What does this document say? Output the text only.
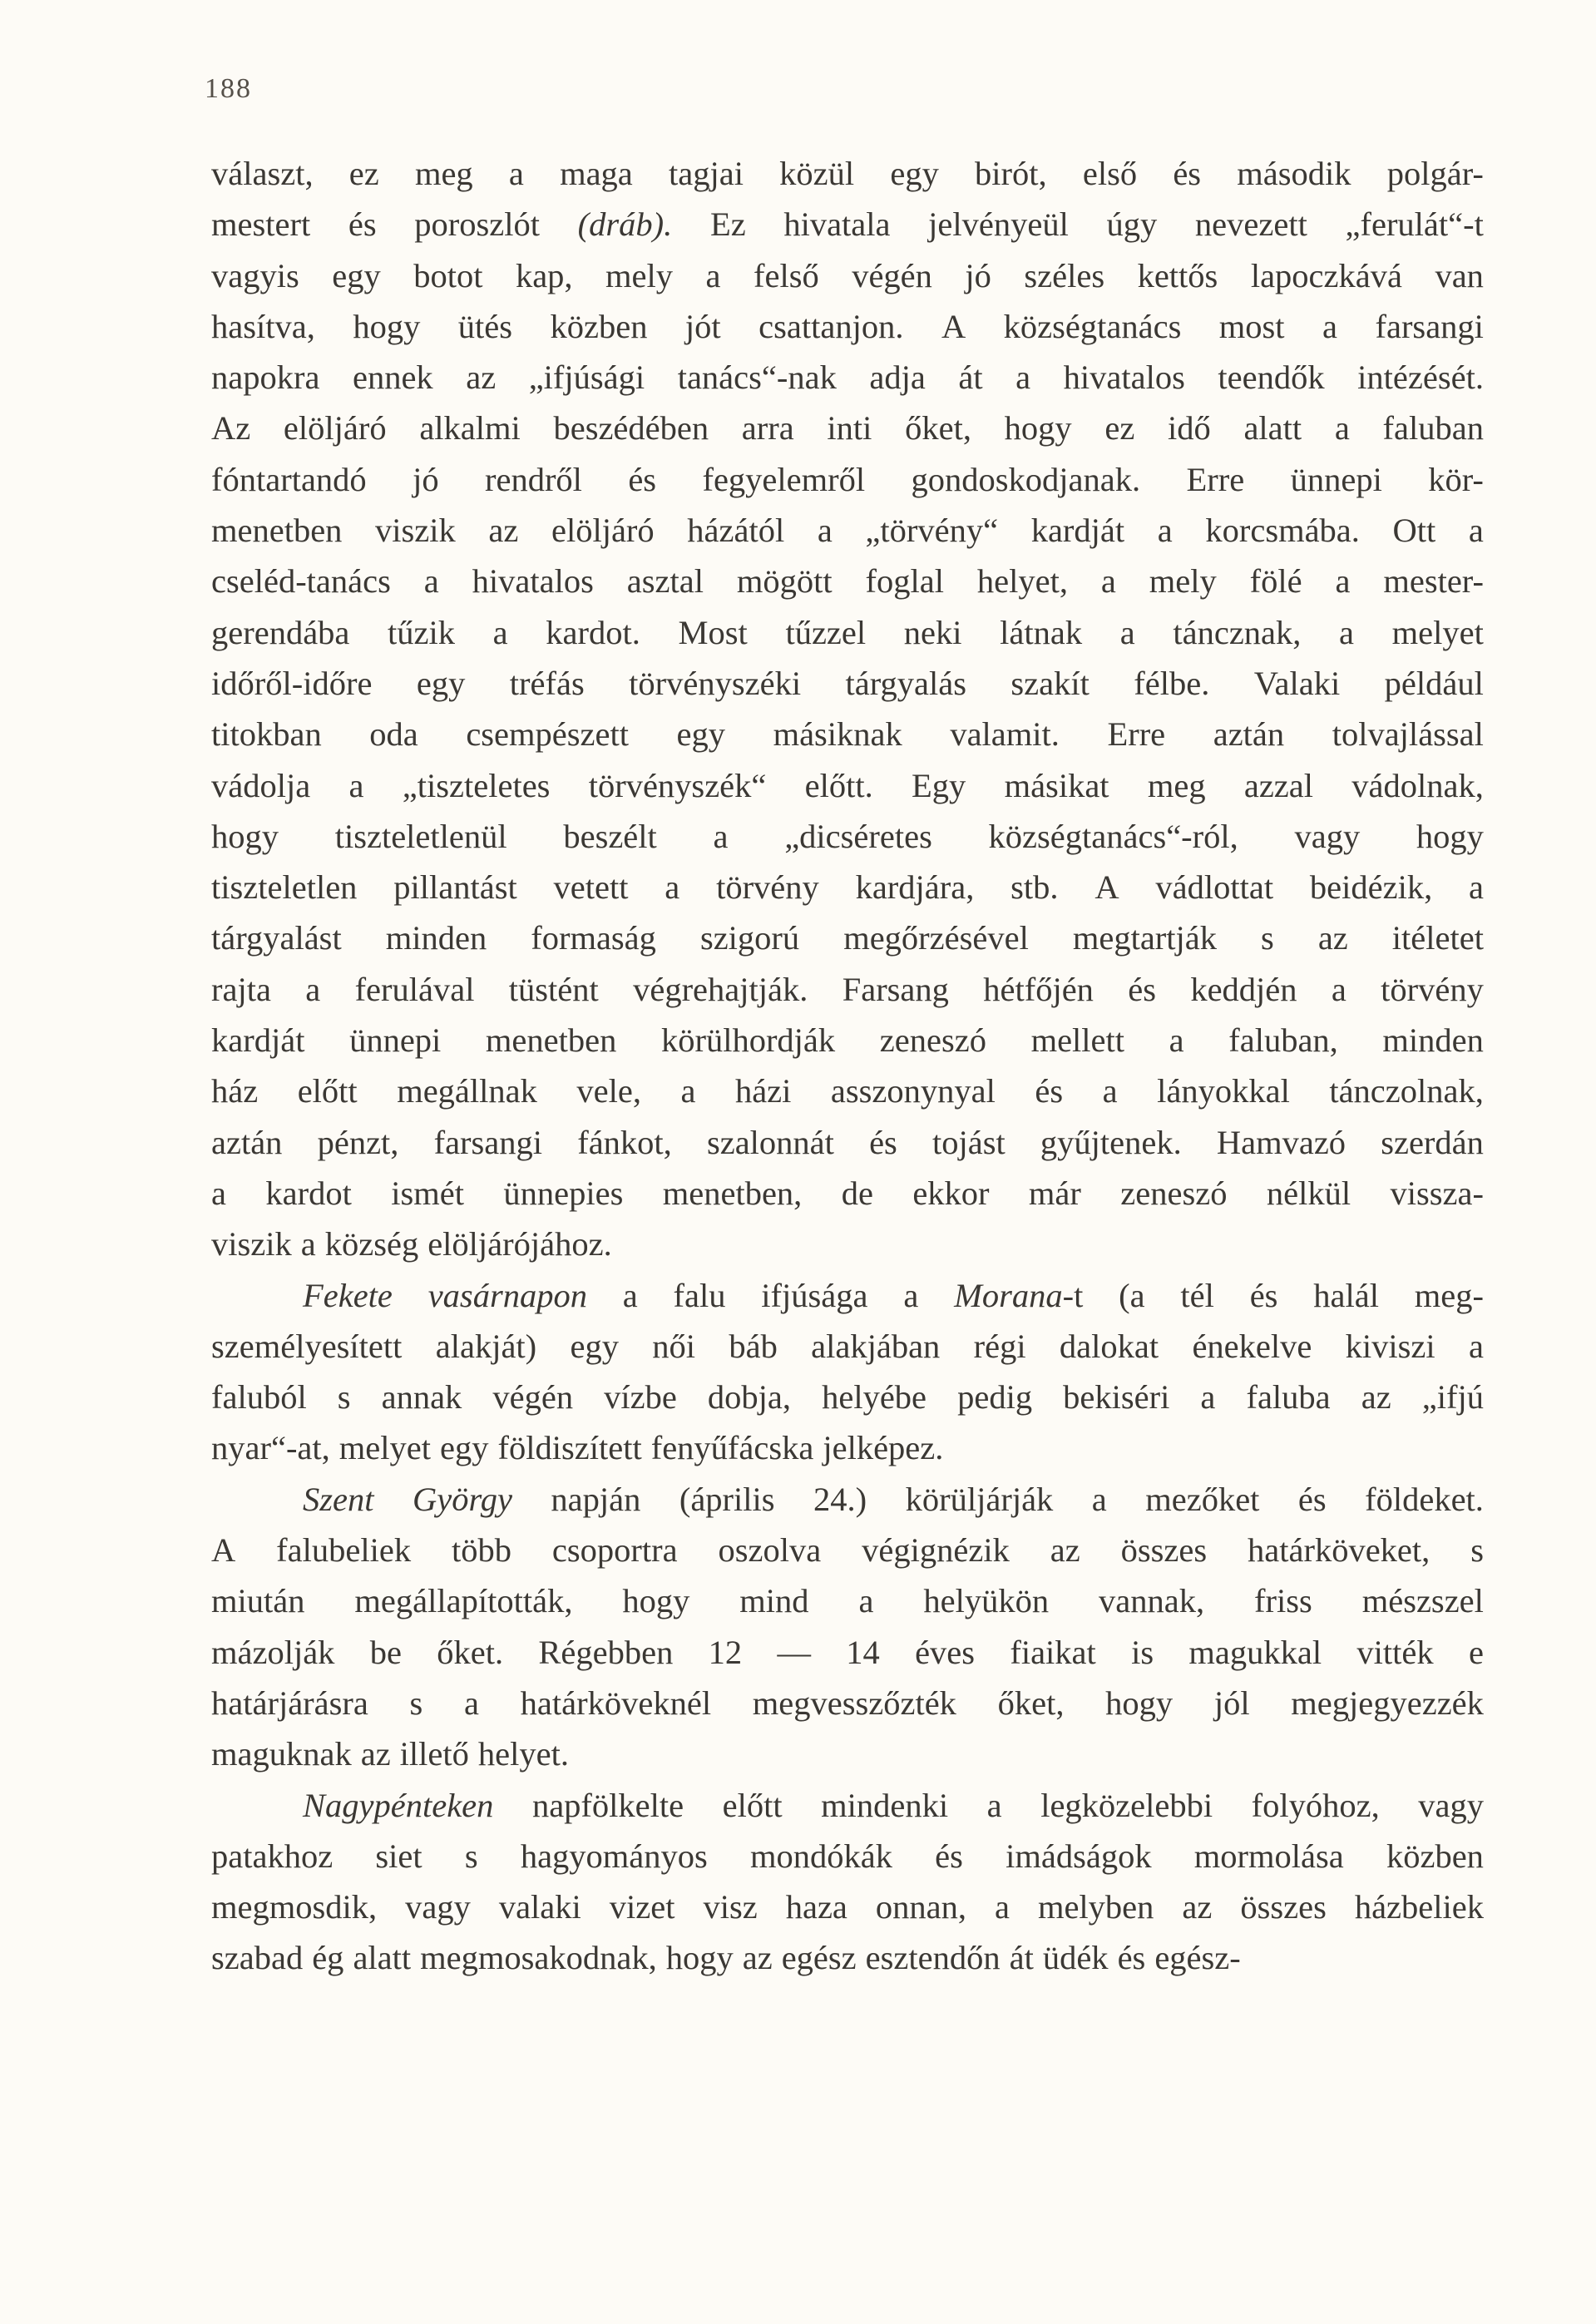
188
választ, ez meg a maga tagjai közül egy birót, első és második polgár-
mestert és poroszlót (dráb). Ez hivatala jelvényeül úgy nevezett „ferulát“-t
vagyis egy botot kap, mely a felső végén jó széles kettős lapoczkává van
hasítva, hogy ütés közben jót csattanjon. A községtanács most a farsangi
napokra ennek az „ifjúsági tanács“-nak adja át a hivatalos teendők intézését.
Az elöljáró alkalmi beszédében arra inti őket, hogy ez idő alatt a faluban
fóntartandó jó rendről és fegyelemről gondoskodjanak. Erre ünnepi kör-
menetben viszik az elöljáró házától a „törvény“ kardját a korcsmába. Ott a
cseléd-tanács a hivatalos asztal mögött foglal helyet, a mely fölé a mester-
gerendába tűzik a kardot. Most tűzzel neki látnak a táncznak, a melyet
időről-időre egy tréfás törvényszéki tárgyalás szakít félbe. Valaki például
titokban oda csempészett egy másiknak valamit. Erre aztán tolvajlással
vádolja a „tiszteletes törvényszék“ előtt. Egy másikat meg azzal vádolnak,
hogy tiszteletlenül beszélt a „dicséretes községtanács“-ról, vagy hogy
tiszteletlen pillantást vetett a törvény kardjára, stb. A vádlottat beidézik, a
tárgyalást minden formaság szigorú megőrzésével megtartják s az itéletet
rajta a ferulával tüstént végrehajtják. Farsang hétfőjén és keddjén a törvény
kardját ünnepi menetben körülhordják zeneszó mellett a faluban, minden
ház előtt megállnak vele, a házi asszonynyal és a lányokkal tánczolnak,
aztán pénzt, farsangi fánkot, szalonnát és tojást gyűjtenek. Hamvazó szerdán
a kardot ismét ünnepies menetben, de ekkor már zeneszó nélkül vissza-
viszik a község elöljárójához.
Fekete vasárnapon a falu ifjúsága a Morana-t (a tél és halál meg-
személyesített alakját) egy női báb alakjában régi dalokat énekelve kiviszi a
faluból s annak végén vízbe dobja, helyébe pedig bekiséri a faluba az „ifjú
nyar“-at, melyet egy földiszített fenyűfácska jelképez.
Szent György napján (április 24.) körüljárják a mezőket és földeket.
A falubeliek több csoportra oszolva végignézik az összes határköveket, s
miután megállapították, hogy mind a helyükön vannak, friss mészszel
mázolják be őket. Régebben 12 — 14 éves fiaikat is magukkal vitték e
határjárásra s a határköveknél megvesszőzték őket, hogy jól megjegyezzék
maguknak az illető helyet.
Nagypénteken napfölkelte előtt mindenki a legközelebbi folyóhoz, vagy
patakhoz siet s hagyományos mondókák és imádságok mormolása közben
megmosdik, vagy valaki vizet visz haza onnan, a melyben az összes házbeliek
szabad ég alatt megmosakodnak, hogy az egész esztendőn át üdék és egész-
